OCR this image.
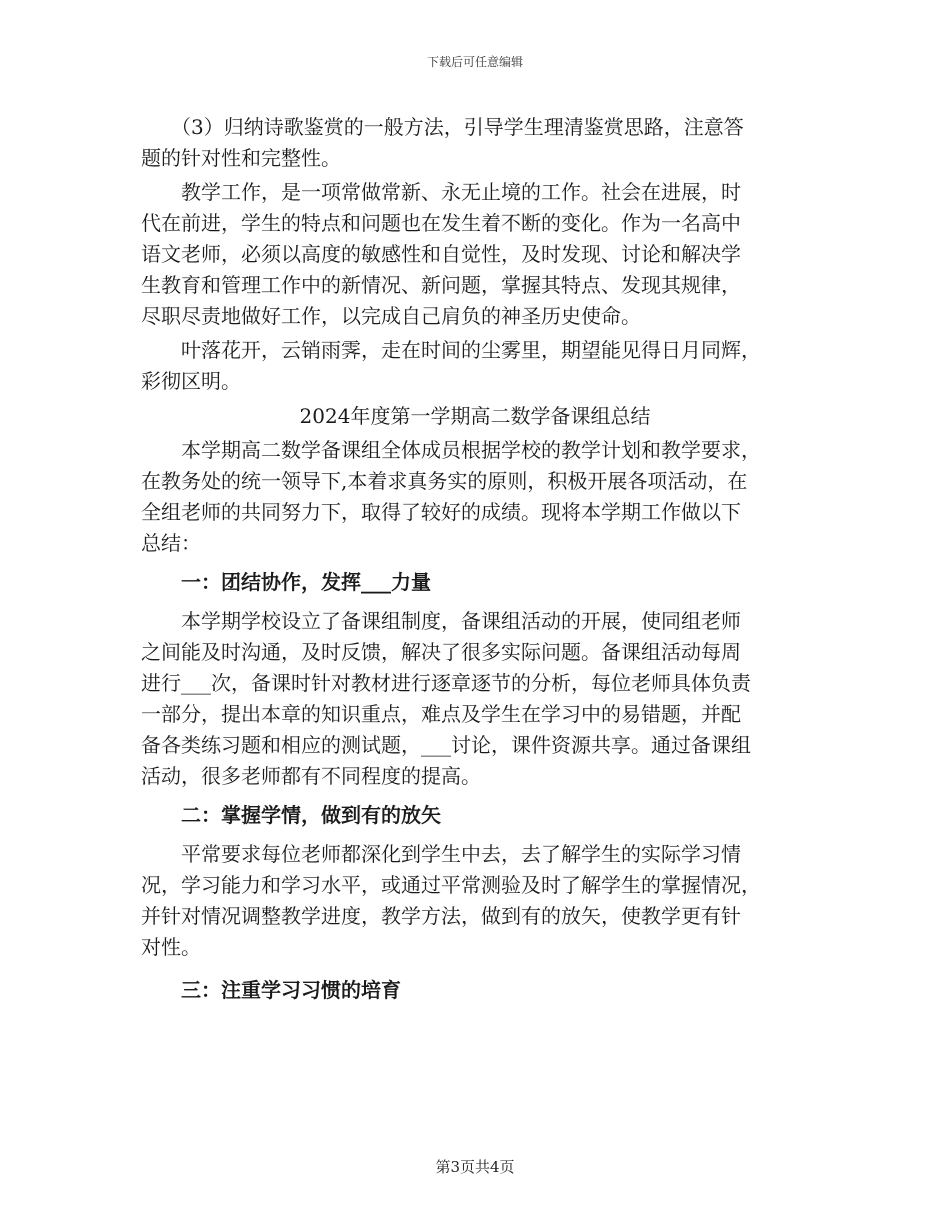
下载后可任意编辑
（3）归纳诗歌鉴赏的一般方法，引导学生理清鉴赏思路，注意答
题的针对性和完整性。
教学工作，是一项常做常新、永无止境的工作。社会在进展，时
代在前进，学生的特点和问题也在发生着不断的变化。作为一名高中
语文老师，必须以高度的敏感性和自觉性，及时发现、讨论和解决学
生教育和管理工作中的新情况、新问题，掌握其特点、发现其规律，
尽职尽责地做好工作，以完成自己肩负的神圣历史使命。
叶落花开，云销雨霁，走在时间的尘雾里，期望能见得日月同辉，
彩彻区明。
2024年度第一学期高二数学备课组总结
本学期高二数学备课组全体成员根据学校的教学计划和教学要求，
在教务处的统一领导下,本着求真务实的原则，积极开展各项活动，在
全组老师的共同努力下，取得了较好的成绩。现将本学期工作做以下
总结：
一：团结协作，发挥___力量
本学期学校设立了备课组制度，备课组活动的开展，使同组老师
之间能及时沟通，及时反馈，解决了很多实际问题。备课组活动每周
进行___次，备课时针对教材进行逐章逐节的分析，每位老师具体负责
一部分，提出本章的知识重点，难点及学生在学习中的易错题，并配
备各类练习题和相应的测试题，___讨论，课件资源共享。通过备课组
活动，很多老师都有不同程度的提高。
二：掌握学情，做到有的放矢
平常要求每位老师都深化到学生中去，去了解学生的实际学习情
况，学习能力和学习水平，或通过平常测验及时了解学生的掌握情况，
并针对情况调整教学进度，教学方法，做到有的放矢，使教学更有针
对性。
三：注重学习习惯的培育
第3页共4页
